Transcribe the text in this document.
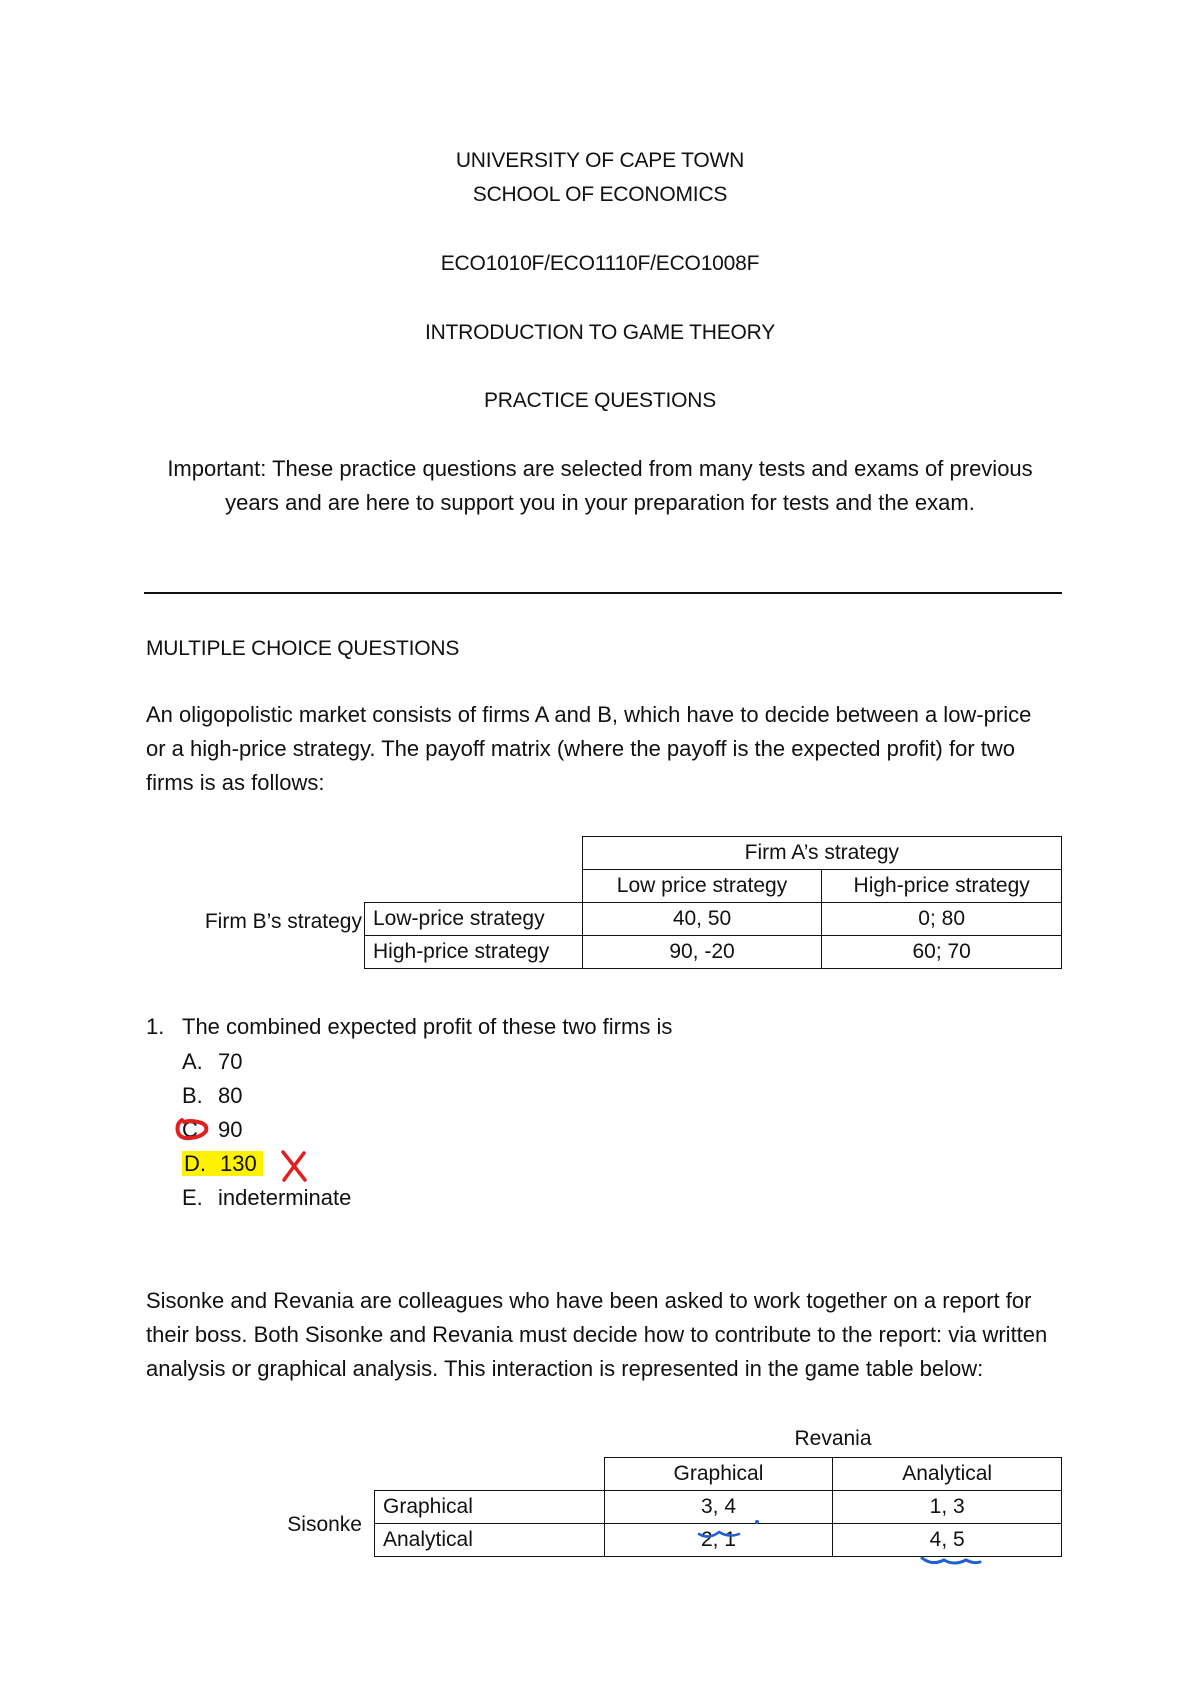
UNIVERSITY OF CAPE TOWN
SCHOOL OF ECONOMICS
ECO1010F/ECO1110F/ECO1008F
INTRODUCTION TO GAME THEORY
PRACTICE QUESTIONS
Important: These practice questions are selected from many tests and exams of previous
years and are here to support you in your preparation for tests and the exam.
MULTIPLE CHOICE QUESTIONS
An oligopolistic market consists of firms A and B, which have to decide between a low-price
or a high-price strategy. The payoff matrix (where the payoff is the expected profit) for two
firms is as follows:
Firm B’s strategy
	Firm A’s strategy	
	Low price strategy	High-price strategy
Low-price strategy	40, 50	0; 80
High-price strategy	90, -20	60; 70
1. The combined expected profit of these two firms is
A. 70
B. 80
C. 90
D. 130
E. indeterminate
Sisonke and Revania are colleagues who have been asked to work together on a report for
their boss. Both Sisonke and Revania must decide how to contribute to the report: via written
analysis or graphical analysis. This interaction is represented in the game table below:
Revania
Sisonke
	Graphical	Analytical
Graphical	3, 4	1, 3
Analytical	2, 1	4, 5
